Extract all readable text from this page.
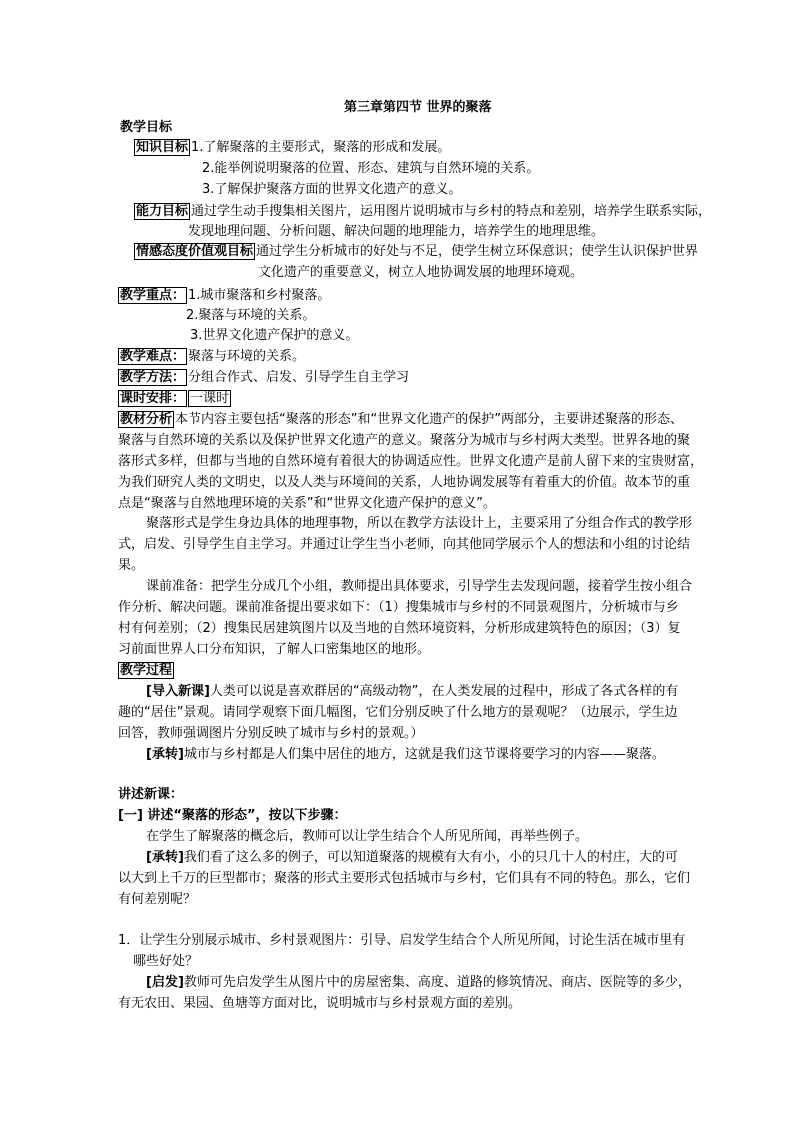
第三章第四节 世界的聚落
教学目标
知识目标 1.了解聚落的主要形式，聚落的形成和发展。
2.能举例说明聚落的位置、形态、建筑与自然环境的关系。
3.了解保护聚落方面的世界文化遗产的意义。
能力目标 通过学生动手搜集相关图片，运用图片说明城市与乡村的特点和差别，培养学生联系实际，
发现地理问题、分析问题、解决问题的地理能力，培养学生的地理思维。
情感态度价值观目标 通过学生分析城市的好处与不足，使学生树立环保意识；使学生认识保护世界
文化遗产的重要意义，树立人地协调发展的地理环境观。
教学重点： 1.城市聚落和乡村聚落。
2.聚落与环境的关系。
3.世界文化遗产保护的意义。
教学难点： 聚落与环境的关系。
教学方法： 分组合作式、启发、引导学生自主学习
课时安排： 一课时
教材分析 本节内容主要包括“聚落的形态”和“世界文化遗产的保护”两部分，主要讲述聚落的形态、
聚落与自然环境的关系以及保护世界文化遗产的意义。聚落分为城市与乡村两大类型。世界各地的聚
落形式多样，但都与当地的自然环境有着很大的协调适应性。世界文化遗产是前人留下来的宝贵财富，
为我们研究人类的文明史，以及人类与环境间的关系，人地协调发展等有着重大的价值。故本节的重
点是“聚落与自然地理环境的关系”和“世界文化遗产保护的意义”。
聚落形式是学生身边具体的地理事物，所以在教学方法设计上，主要采用了分组合作式的教学形
式，启发、引导学生自主学习。并通过让学生当小老师，向其他同学展示个人的想法和小组的讨论结
果。
课前准备：把学生分成几个小组，教师提出具体要求，引导学生去发现问题，接着学生按小组合
作分析、解决问题。课前准备提出要求如下：（1）搜集城市与乡村的不同景观图片，分析城市与乡
村有何差别；（2）搜集民居建筑图片以及当地的自然环境资料，分析形成建筑特色的原因；（3）复
习前面世界人口分布知识，了解人口密集地区的地形。
教学过程
[导入新课]人类可以说是喜欢群居的“高级动物”，在人类发展的过程中，形成了各式各样的有
趣的“居住”景观。请同学观察下面几幅图，它们分别反映了什么地方的景观呢？（边展示，学生边
回答，教师强调图片分别反映了城市与乡村的景观。）
[承转]城市与乡村都是人们集中居住的地方，这就是我们这节课将要学习的内容——聚落。
讲述新课：
[一] 讲述“聚落的形态”，按以下步骤：
在学生了解聚落的概念后，教师可以让学生结合个人所见所闻，再举些例子。
[承转]我们看了这么多的例子，可以知道聚落的规模有大有小，小的只几十人的村庄，大的可
以大到上千万的巨型都市；聚落的形式主要形式包括城市与乡村，它们具有不同的特色。那么，它们
有何差别呢？
1．让学生分别展示城市、乡村景观图片：引导、启发学生结合个人所见所闻，讨论生活在城市里有
哪些好处？
[启发]教师可先启发学生从图片中的房屋密集、高度、道路的修筑情况、商店、医院等的多少，
有无农田、果园、鱼塘等方面对比，说明城市与乡村景观方面的差别。
